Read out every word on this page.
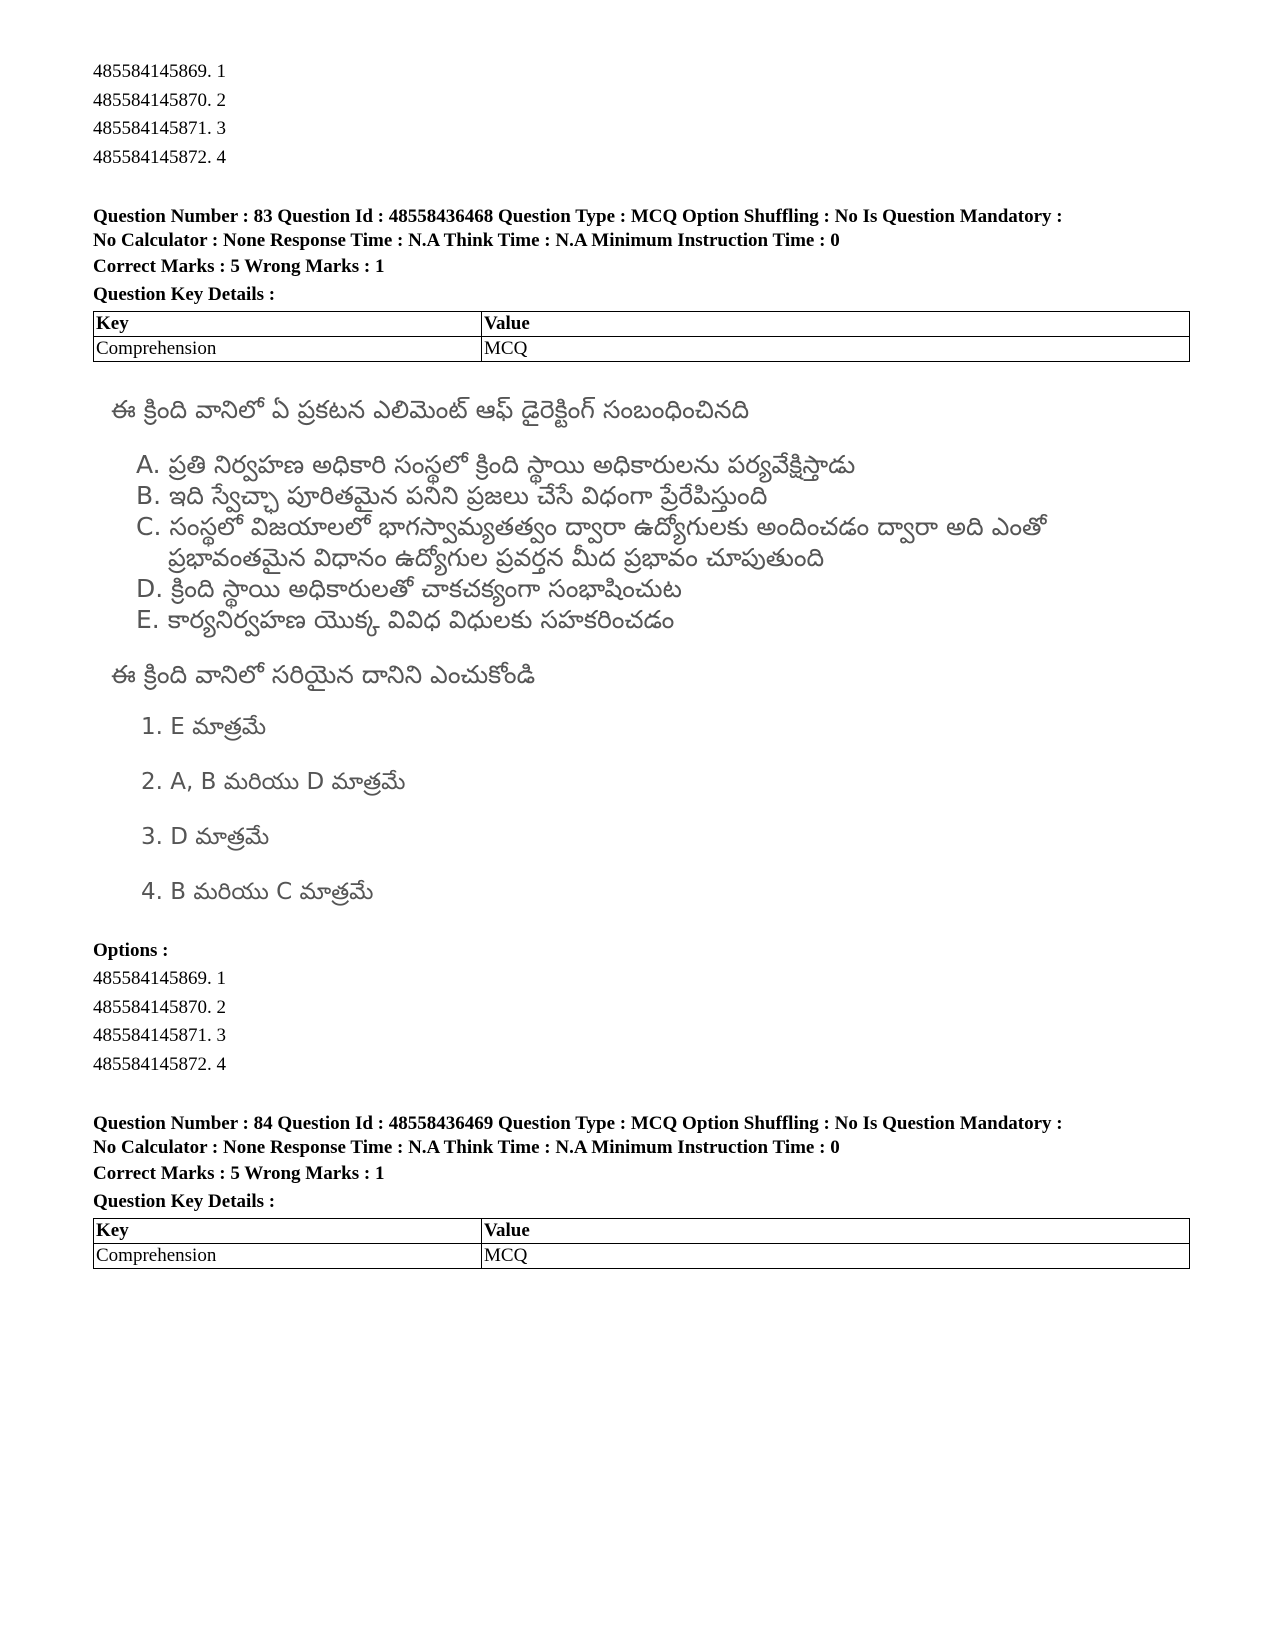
485584145869. 1
485584145870. 2
485584145871. 3
485584145872. 4
Question Number : 83 Question Id : 48558436468 Question Type : MCQ Option Shuffling : No Is Question Mandatory :
No Calculator : None Response Time : N.A Think Time : N.A Minimum Instruction Time : 0
Correct Marks : 5 Wrong Marks : 1
Question Key Details :
Key	Value
Comprehension	MCQ
ఈ క్రింది వానిలో ఏ ప్రకటన ఎలిమెంట్ ఆఫ్ డైరెక్టింగ్ సంబంధించినది
A. ప్రతి నిర్వహణ అధికారి సంస్థలో క్రింది స్థాయి అధికారులను పర్యవేక్షిస్తాడు
B. ఇది స్వేచ్ఛా పూరితమైన పనిని ప్రజలు చేసే విధంగా ప్రేరేపిస్తుంది
C. సంస్థలో విజయాలలో భాగస్వామ్యతత్వం ద్వారా ఉద్యోగులకు అందించడం ద్వారా అది ఎంతో
ప్రభావంతమైన విధానం ఉద్యోగుల ప్రవర్తన మీద ప్రభావం చూపుతుంది
D. క్రింది స్థాయి అధికారులతో చాకచక్యంగా సంభాషించుట
E. కార్యనిర్వహణ యొక్క వివిధ విధులకు సహకరించడం
ఈ క్రింది వానిలో సరియైన దానిని ఎంచుకోండి
1. E మాత్రమే
2. A, B మరియు D మాత్రమే
3. D మాత్రమే
4. B మరియు C మాత్రమే
Options :
485584145869. 1
485584145870. 2
485584145871. 3
485584145872. 4
Question Number : 84 Question Id : 48558436469 Question Type : MCQ Option Shuffling : No Is Question Mandatory :
No Calculator : None Response Time : N.A Think Time : N.A Minimum Instruction Time : 0
Correct Marks : 5 Wrong Marks : 1
Question Key Details :
Key	Value
Comprehension	MCQ
